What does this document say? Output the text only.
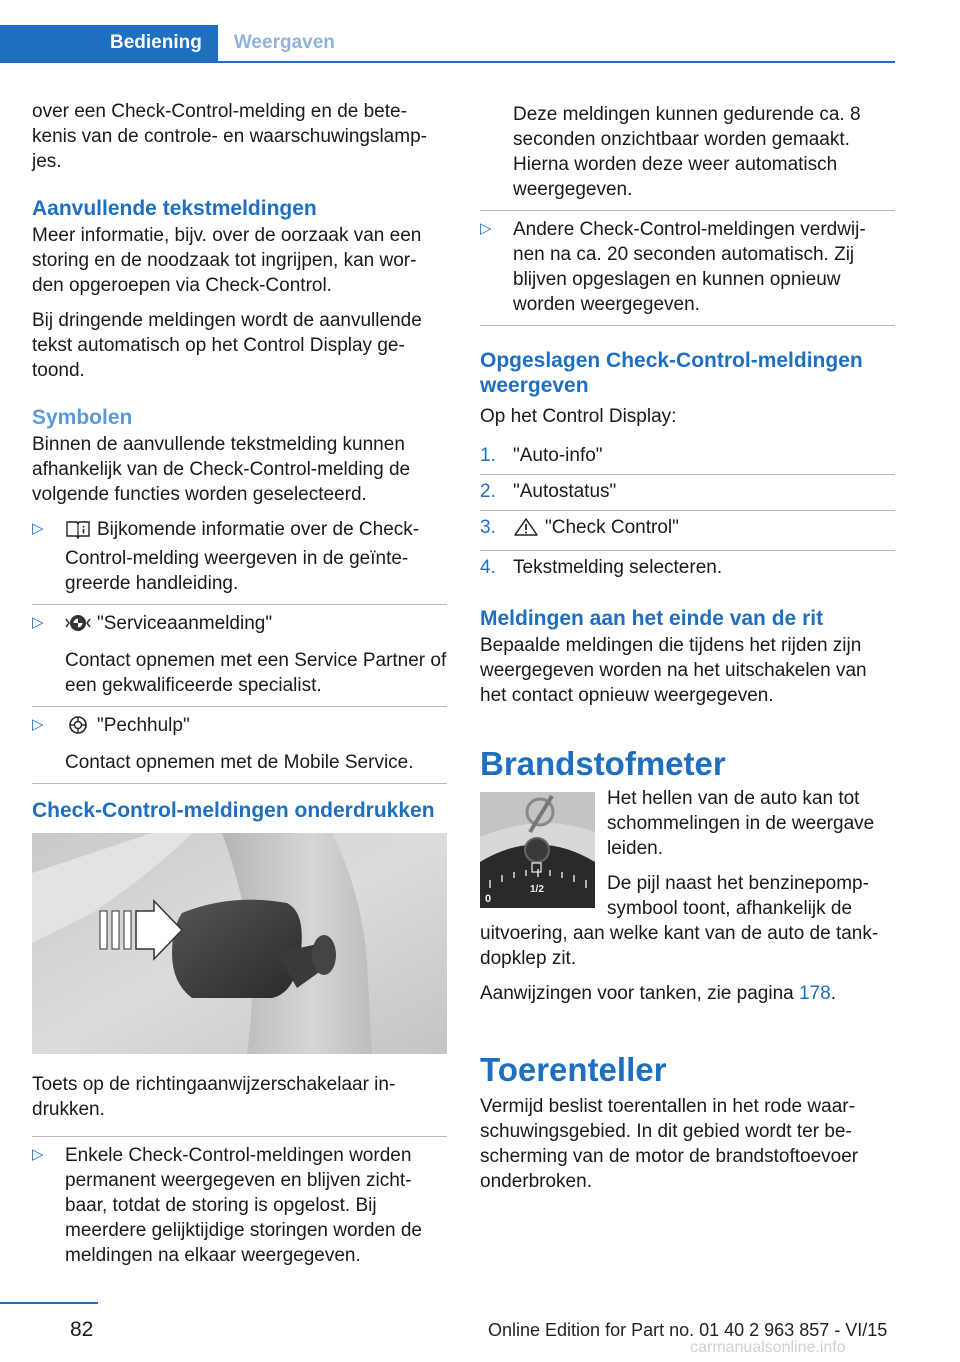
Bediening	Weergaven

over een Check-Control-melding en de bete-kenis van de controle- en waarschuwingslamp-jes.

Aanvullende tekstmeldingen

Meer informatie, bijv. over de oorzaak van een storing en de noodzaak tot ingrijpen, kan wor-den opgeroepen via Check-Control.

Bij dringende meldingen wordt de aanvullende tekst automatisch op het Control Display ge-toond.

Symbolen

Binnen de aanvullende tekstmelding kunnen afhankelijk van de Check-Control-melding de volgende functies worden geselecteerd.

▷	Bijkomende informatie over de Check-Control-melding weergeven in de geïnte-greerde handleiding.
▷	"Serviceaanmelding"
Contact opnemen met een Service Partner of een gekwalificeerde specialist.
▷	"Pechhulp"
Contact opnemen met de Mobile Service.
Check-Control-meldingen onderdrukken

Toets op de richtingaanwijzerschakelaar in-drukken.

▷ Enkele Check-Control-meldingen worden permanent weergegeven en blijven zicht-baar, totdat de storing is opgelost. Bij meerdere gelijktijdige storingen worden de meldingen na elkaar weergegeven.

Deze meldingen kunnen gedurende ca. 8 seconden onzichtbaar worden gemaakt. Hierna worden deze weer automatisch weergegeven.

▷ Andere Check-Control-meldingen verdwij-nen na ca. 20 seconden automatisch. Zij blijven opgeslagen en kunnen opnieuw worden weergegeven.
Opgeslagen Check-Control-meldingen weergeven

Op het Control Display:

1. "Auto-info"
2. "Autostatus"
3.	"Check Control"
4. Tekstmelding selecteren.
Meldingen aan het einde van de rit

Bepaalde meldingen die tijdens het rijden zijn weergegeven worden na het uitschakelen van het contact opnieuw weergegeven.

Brandstofmeter
0
1/2

Het hellen van de auto kan tot schommelingen in de weergave leiden.

De pijl naast het benzinepomp-symbool toont, afhankelijk de uitvoering, aan welke kant van de auto de tank-dopklep zit.

Aanwijzingen voor tanken, zie pagina 178.

Toerenteller

Vermijd beslist toerentallen in het rode waar-schuwingsgebied. In dit gebied wordt ter be-scherming van de motor de brandstoftoevoer onderbroken.

82	Online Edition for Part no. 01 40 2 963 857 - VI/15
carmanualsonline.info
